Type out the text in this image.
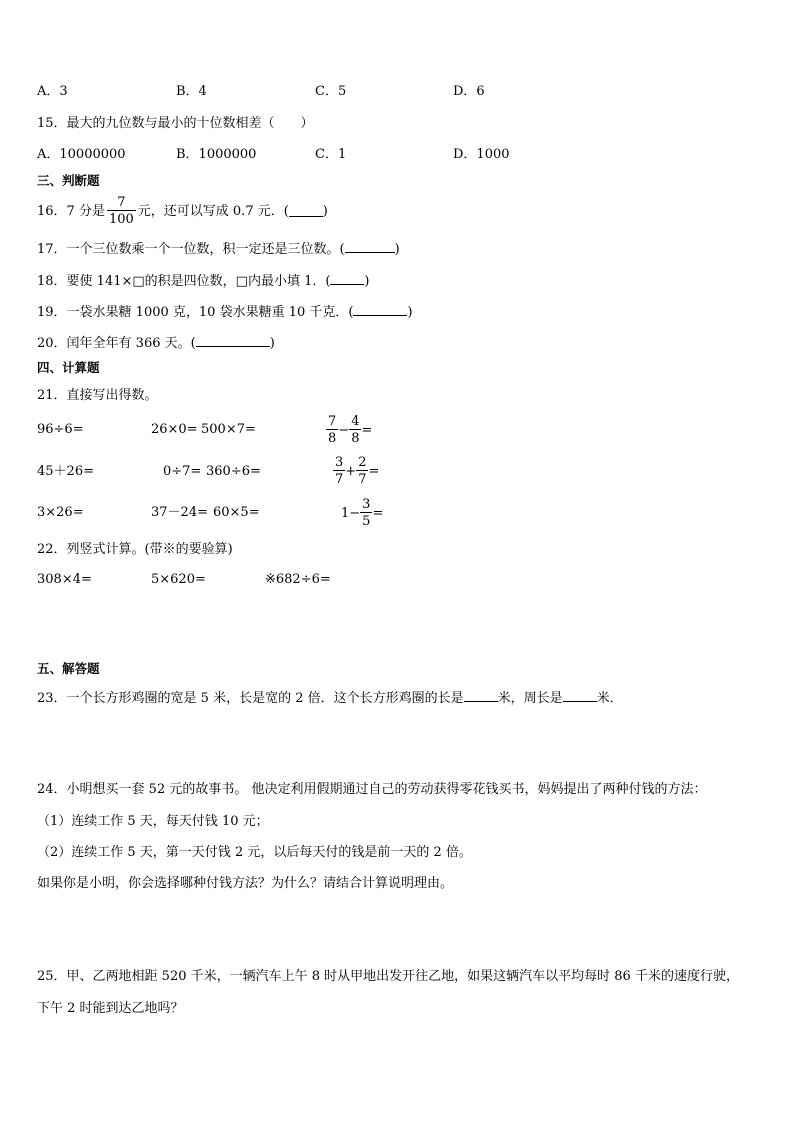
A．3	B．4	C．5	D．6
15．最大的九位数与最小的十位数相差（　　）
A．10000000	B．1000000	C．1	D．1000
三、判断题
16．7 分是 $\frac{7}{100}$ 元，还可以写成 0.7 元．(	)
17．一个三位数乘一个一位数，积一定还是三位数。(	)
18．要使 141×□的积是四位数，□内最小填 1．(	)
19．一袋水果糖 1000 克，10 袋水果糖重 10 千克．(	)
20．闰年全年有 366 天。(	)
四、计算题
21．直接写出得数。
96÷6=	26×0= 500×7=	$\frac{7}{8} - \frac{4}{8}$ =
45＋26=	0÷7= 360÷6=	$\frac{3}{7} + \frac{2}{7}$ =
3×26=	37－24= 60×5=	$1- \frac{3}{5}$ =
22．列竖式计算。(带※的要验算)
308×4=	5×620=	※682÷6=
五、解答题
23．一个长方形鸡圈的宽是 5 米，长是宽的 2 倍．这个长方形鸡圈的长是	米，周长是	米．
24．小明想买一套 52 元的故事书。 他决定利用假期通过自己的劳动获得零花钱买书，妈妈提出了两种付钱的方法：
（1）连续工作 5 天，每天付钱 10 元；
（2）连续工作 5 天，第一天付钱 2 元，以后每天付的钱是前一天的 2 倍。
如果你是小明，你会选择哪种付钱方法？为什么？请结合计算说明理由。
25．甲、乙两地相距 520 千米，一辆汽车上午 8 时从甲地出发开往乙地，如果这辆汽车以平均每时 86 千米的速度行驶，
下午 2 时能到达乙地吗？
